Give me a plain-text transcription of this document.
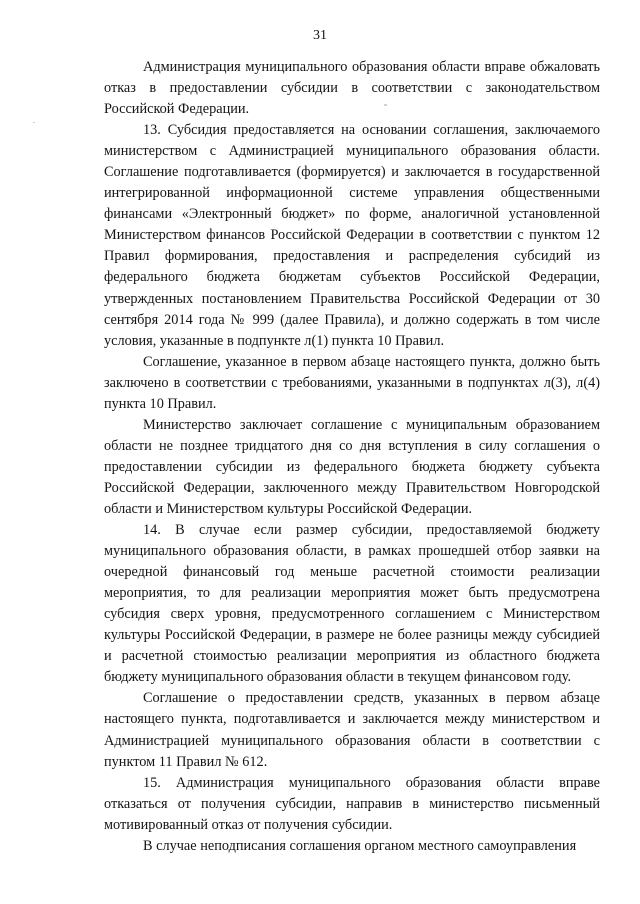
31

Администрация муниципального образования области вправе обжаловать отказ в предоставлении субсидии в соответствии с законодательством Российской Федерации.

13. Субсидия предоставляется на основании соглашения, заключаемого министерством с Администрацией муниципального образования области. Соглашение подготавливается (формируется) и заключается в государственной интегрированной информационной системе управления общественными финансами «Электронный бюджет» по форме, аналогичной установленной Министерством финансов Российской Федерации в соответствии с пунктом 12 Правил формирования, предоставления и распределения субсидий из федерального бюджета бюджетам субъектов Российской Федерации, утвержденных постановлением Правительства Российской Федерации от 30 сентября 2014 года № 999 (далее Правила), и должно содержать в том числе условия, указанные в подпункте л(1) пункта 10 Правил.

Соглашение, указанное в первом абзаце настоящего пункта, должно быть заключено в соответствии с требованиями, указанными в подпунктах л(3), л(4) пункта 10 Правил.

Министерство заключает соглашение с муниципальным образованием области не позднее тридцатого дня со дня вступления в силу соглашения о предоставлении субсидии из федерального бюджета бюджету субъекта Российской Федерации, заключенного между Правительством Новгородской области и Министерством культуры Российской Федерации.

14. В случае если размер субсидии, предоставляемой бюджету муниципального образования области, в рамках прошедшей отбор заявки на очередной финансовый год меньше расчетной стоимости реализации мероприятия, то для реализации мероприятия может быть предусмотрена субсидия сверх уровня, предусмотренного соглашением с Министерством культуры Российской Федерации, в размере не более разницы между субсидией и расчетной стоимостью реализации мероприятия из областного бюджета бюджету муниципального образования области в текущем финансовом году.

Соглашение о предоставлении средств, указанных в первом абзаце настоящего пункта, подготавливается и заключается между министерством и Администрацией муниципального образования области в соответствии с пунктом 11 Правил № 612.

15. Администрация муниципального образования области вправе отказаться от получения субсидии, направив в министерство письменный мотивированный отказ от получения субсидии.

В случае неподписания соглашения органом местного самоуправления
